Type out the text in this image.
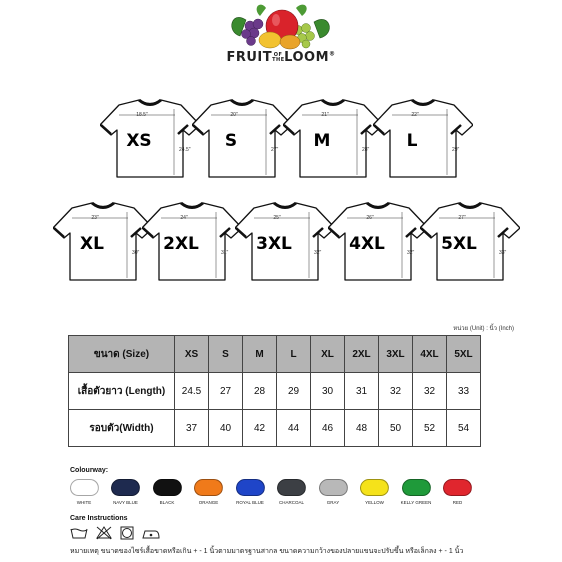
FRUIT OF
THELOOM®
XS
18.5"
24.5"	S
20"
27"	M
21"
28"	L
22"
29"
XL
23"
30"	2XL
24"
31"	3XL
25"
32"	4XL
26"
32"	5XL
27"
33"
หน่วย (Unit) : นิ้ว (Inch)
ขนาด (Size)	XS	S	M	L	XL	2XL	3XL	4XL	5XL
เสื้อตัวยาว (Length)	24.5	27	28	29	30	31	32	32	33
รอบตัว(Width)	37	40	42	44	46	48	50	52	54
Colourway:
WHITE	NAVY BLUE	BLACK	ORANGE	ROYAL BLUE	CHARCOAL	GRAY	YELLOW	KELLY GREEN	RED
Care Instructions
หมายเหตุ ขนาดของไซร์เสื้อขาดหรือเกิน + - 1 นิ้วตามมาตรฐานสากล ขนาดความกว้างของปลายแขนจะปรับขึ้น หรือเล็กลง + - 1 นิ้ว
